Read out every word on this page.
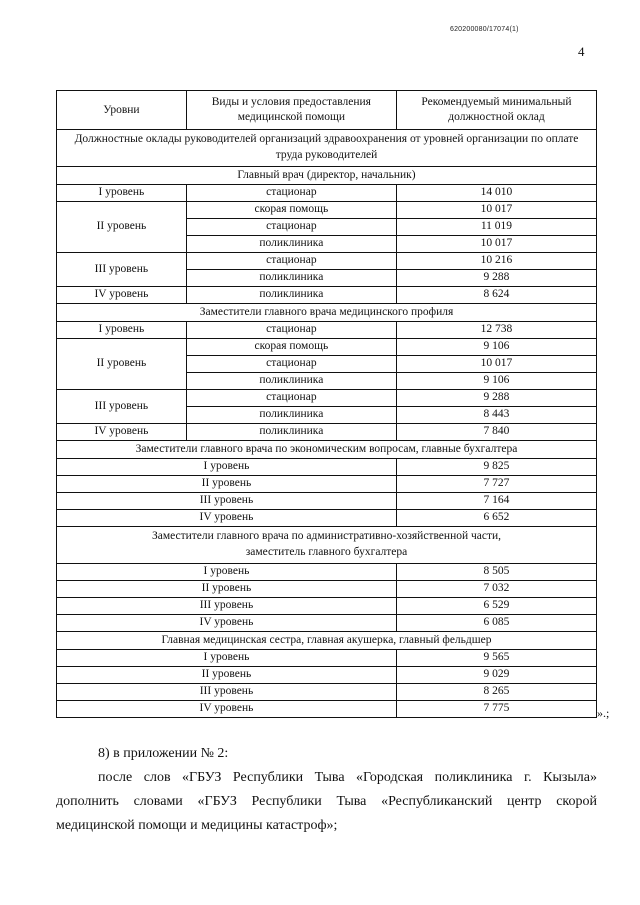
620200080/17074(1)
4
Уровни	Виды и условия предоставления медицинской помощи	Рекомендуемый минимальный должностной оклад
Должностные оклады руководителей организаций здравоохранения от уровней организации по оплате труда руководителей		
Главный врач (директор, начальник)		
I уровень	стационар	14 010
II уровень	скорая помощь	10 017
	стационар	11 019
	поликлиника	10 017
III уровень	стационар	10 216
	поликлиника	9 288
IV уровень	поликлиника	8 624
Заместители главного врача медицинского профиля		
I уровень	стационар	12 738
II уровень	скорая помощь	9 106
	стационар	10 017
	поликлиника	9 106
III уровень	стационар	9 288
	поликлиника	8 443
IV уровень	поликлиника	7 840
Заместители главного врача по экономическим вопросам, главные бухгалтера		
I уровень		9 825
II уровень		7 727
III уровень		7 164
IV уровень		6 652
Заместители главного врача по административно-хозяйственной части,
заместитель главного бухгалтера		
I уровень		8 505
II уровень		7 032
III уровень		6 529
IV уровень		6 085
Главная медицинская сестра, главная акушерка, главный фельдшер		
I уровень		9 565
II уровень		9 029
III уровень		8 265
IV уровень		7 775	».;
8) в приложении № 2:
после слов «ГБУЗ Республики Тыва «Городская поликлиника г. Кызыла» дополнить словами «ГБУЗ Республики Тыва «Республиканский центр скорой медицинской помощи и медицины катастроф»;
